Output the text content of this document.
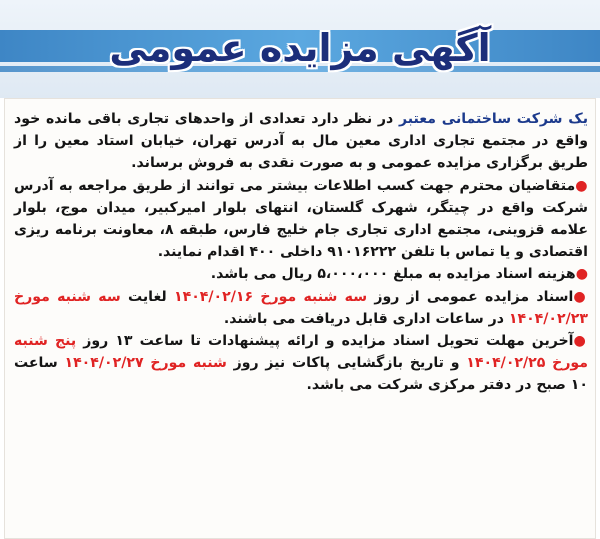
آگهی مزایده عمومی

یک شرکت ساختمانی معتبر در نظر دارد تعدادی از واحدهای تجاری باقی مانده خود واقع در مجتمع تجاری اداری معین مال به آدرس تهران، خیابان استاد معین را از طریق برگزاری مزایده عمومی و به صورت نقدی به فروش برساند.

●متقاضیان محترم جهت کسب اطلاعات بیشتر می توانند از طریق مراجعه به آدرس شرکت واقع در چیتگر، شهرک گلستان، انتهای بلوار امیرکبیر، میدان موج، بلوار علامه قزوینی، مجتمع اداری تجاری جام خلیج فارس، طبقه ۸، معاونت برنامه ریزی اقتصادی و یا تماس با تلفن ۹۱۰۱۶۲۲۲ داخلی ۴۰۰ اقدام نمایند.

●هزینه اسناد مزایده به مبلغ ۵،۰۰۰،۰۰۰ ریال می باشد.

●اسناد مزایده عمومی از روز سه شنبه مورخ ۱۴۰۴/۰۲/۱۶ لغایت سه شنبه مورخ ۱۴۰۴/۰۲/۲۳ در ساعات اداری قابل دریافت می باشند.

●آخرین مهلت تحویل اسناد مزایده و ارائه پیشنهادات تا ساعت ۱۳ روز پنج شنبه مورخ ۱۴۰۴/۰۲/۲۵ و تاریخ بازگشایی پاکات نیز روز شنبه مورخ ۱۴۰۴/۰۲/۲۷ ساعت ۱۰ صبح در دفتر مرکزی شرکت می باشد.
